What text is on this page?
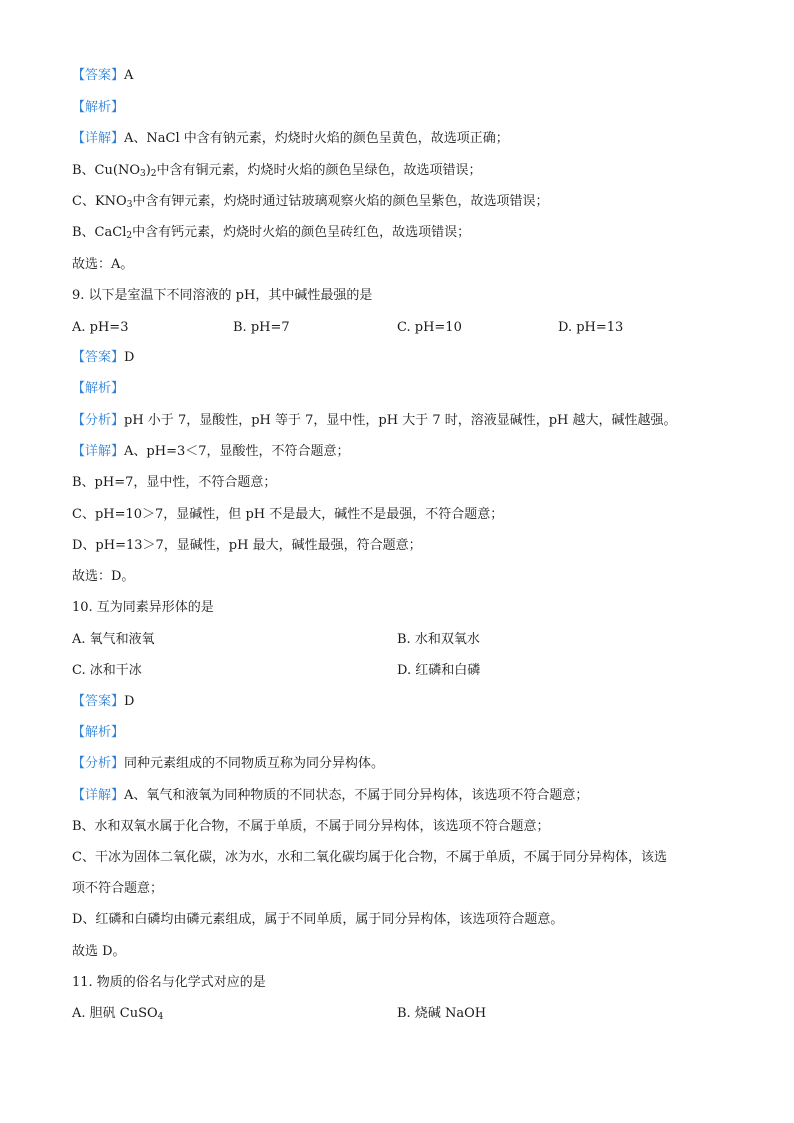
【答案】A
【解析】
【详解】A、NaCl 中含有钠元素，灼烧时火焰的颜色呈黄色，故选项正确；
B、$Cu(NO_3)_2$中含有铜元素，灼烧时火焰的颜色呈绿色，故选项错误；
C、$KNO_3$中含有钾元素，灼烧时通过钴玻璃观察火焰的颜色呈紫色，故选项错误；
B、CaCl$_2$中含有钙元素，灼烧时火焰的颜色呈砖红色，故选项错误；
故选：A。
9. 以下是室温下不同溶液的 pH，其中碱性最强的是
A. pH=3	B. pH=7	C. pH=10	D. pH=13
【答案】D
【解析】
【分析】pH 小于 7，显酸性，pH 等于 7，显中性，pH 大于 7 时，溶液显碱性，pH 越大，碱性越强。
【详解】A、pH=3＜7，显酸性，不符合题意；
B、pH=7，显中性，不符合题意；
C、pH=10＞7，显碱性，但 pH 不是最大，碱性不是最强，不符合题意；
D、pH=13＞7，显碱性，pH 最大，碱性最强，符合题意；
故选：D。
10. 互为同素异形体的是
A. 氧气和液氧	B. 水和双氧水
C. 冰和干冰	D. 红磷和白磷
【答案】D
【解析】
【分析】同种元素组成的不同物质互称为同分异构体。
【详解】A、氧气和液氧为同种物质的不同状态，不属于同分异构体，该选项不符合题意；
B、水和双氧水属于化合物，不属于单质，不属于同分异构体，该选项不符合题意；
C、干冰为固体二氧化碳，冰为水，水和二氧化碳均属于化合物，不属于单质，不属于同分异构体，该选
项不符合题意；
D、红磷和白磷均由磷元素组成，属于不同单质，属于同分异构体，该选项符合题意。
故选 D。
11. 物质的俗名与化学式对应的是
A. 胆矾 CuSO$_4$	B. 烧碱 NaOH
